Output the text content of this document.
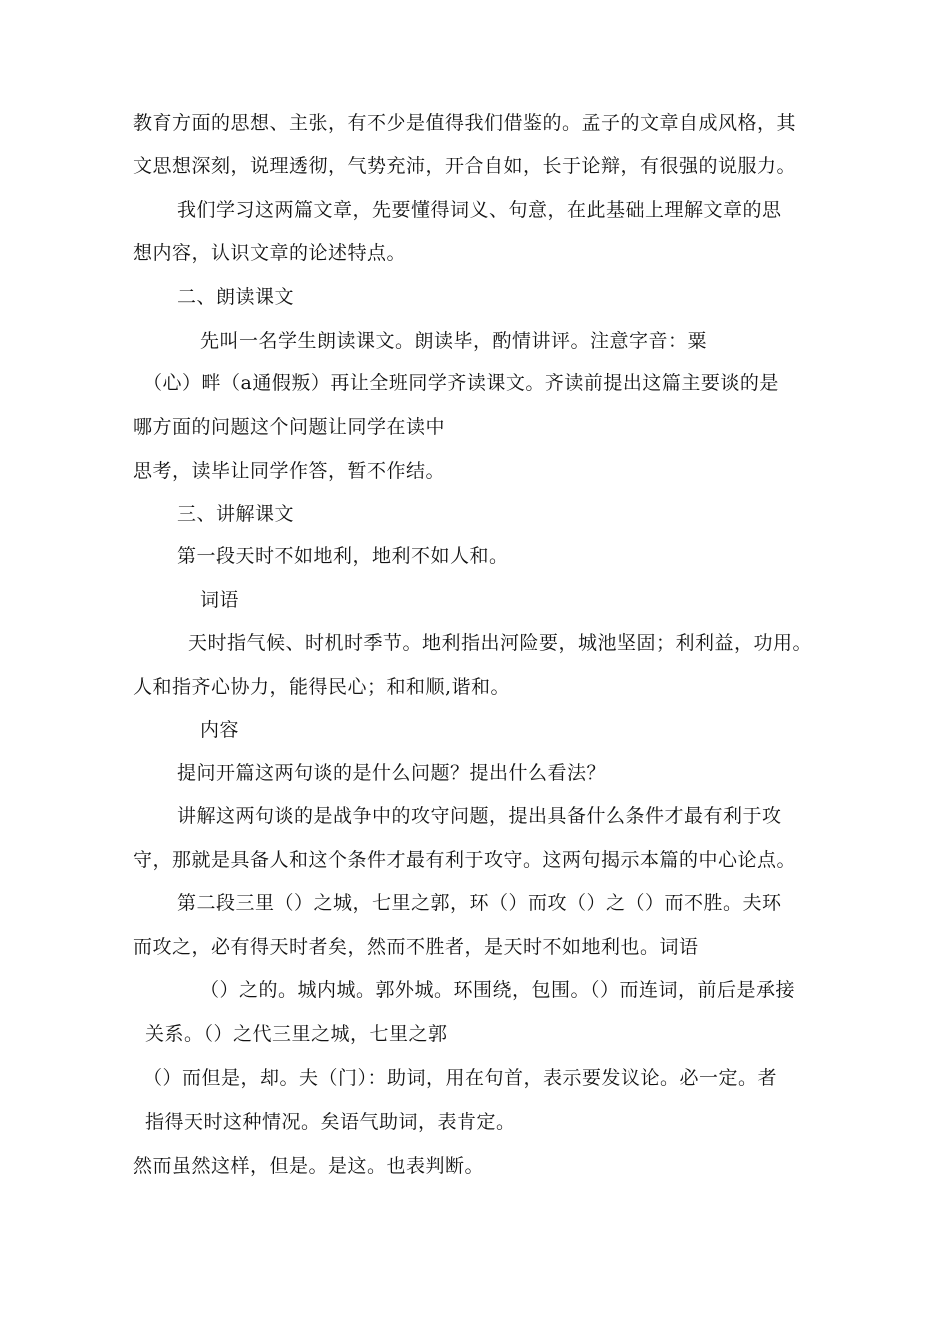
教育方面的思想、主张，有不少是值得我们借鉴的。孟子的文章自成风格，其
文思想深刻，说理透彻，气势充沛，开合自如，长于论辩，有很强的说服力。
我们学习这两篇文章，先要懂得词义、句意，在此基础上理解文章的思
想内容，认识文章的论述特点。
二、朗读课文
先叫一名学生朗读课文。朗读毕，酌情讲评。注意字音：粟
（心）畔（a通假叛）再让全班同学齐读课文。齐读前提出这篇主要谈的是
哪方面的问题这个问题让同学在读中
思考，读毕让同学作答，暂不作结。
三、讲解课文
第一段天时不如地利，地利不如人和。
词语
天时指气候、时机时季节。地利指出河险要，城池坚固；利利益，功用。
人和指齐心协力，能得民心；和和顺,谐和。
内容
提问开篇这两句谈的是什么问题？提出什么看法？
讲解这两句谈的是战争中的攻守问题，提出具备什么条件才最有利于攻
守，那就是具备人和这个条件才最有利于攻守。这两句揭示本篇的中心论点。
第二段三里（）之城，七里之郭，环（）而攻（）之（）而不胜。夫环
而攻之，必有得天时者矣，然而不胜者，是天时不如地利也。词语
（）之的。城内城。郭外城。环围绕，包围。（）而连词，前后是承接
关系。（）之代三里之城，七里之郭
（）而但是，却。夫（门）：助词，用在句首，表示要发议论。必一定。者
指得天时这种情况。矣语气助词，表肯定。
然而虽然这样，但是。是这。也表判断。
